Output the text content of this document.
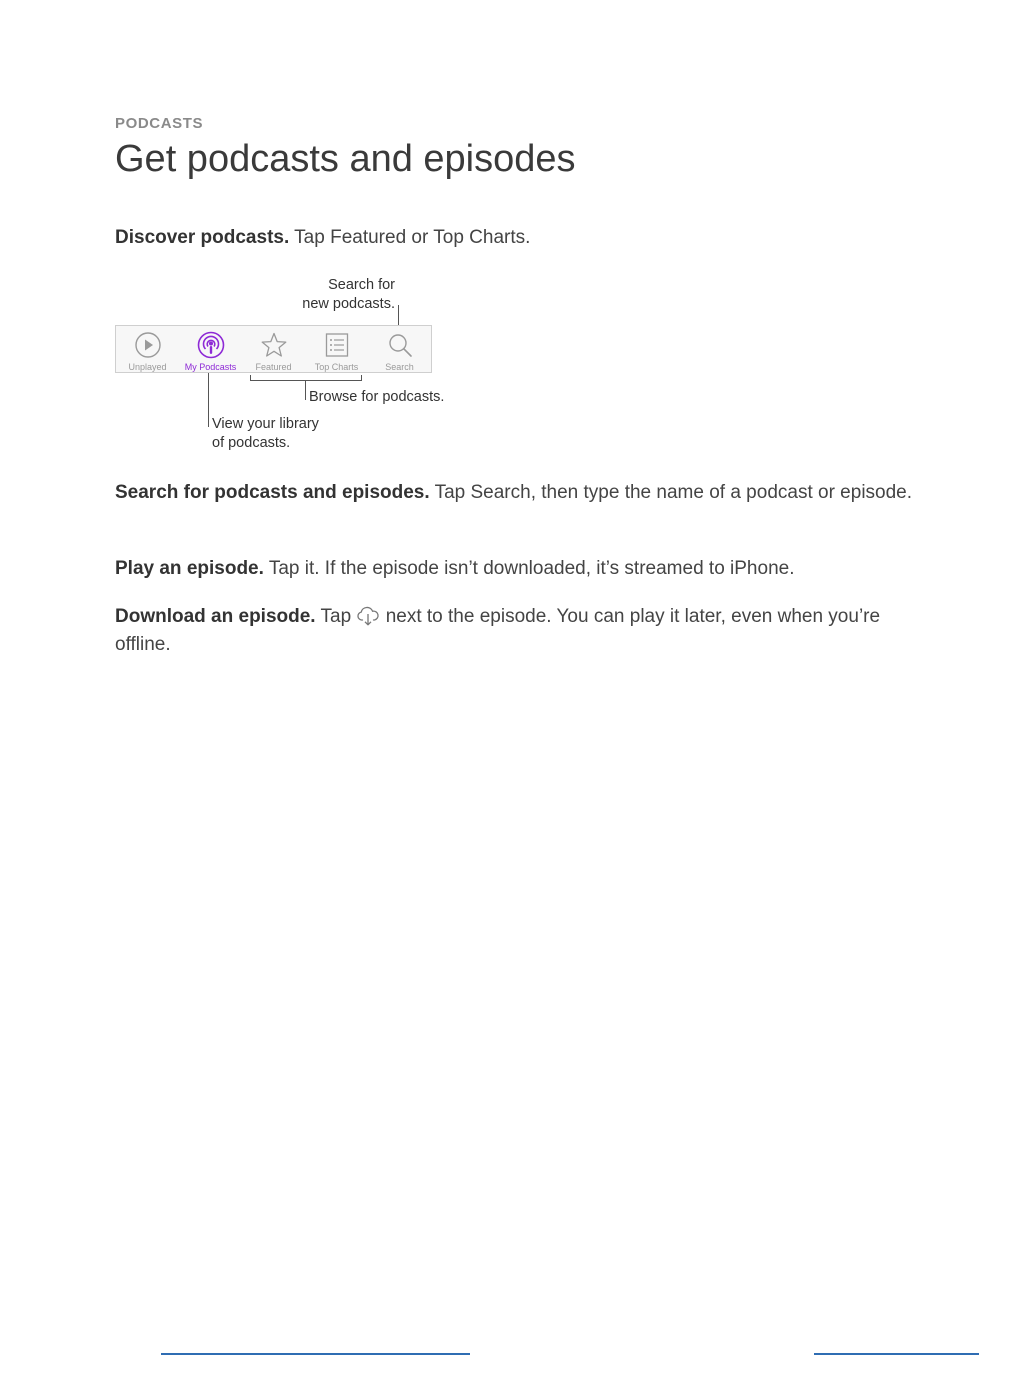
PODCASTS
Get podcasts and episodes

Discover podcasts. Tap Featured or Top Charts.

Search for
new podcasts.
Unplayed	My Podcasts	Featured	Top Charts	Search
Browse for podcasts.
View your library
of podcasts.

Search for podcasts and episodes. Tap Search, then type the name of a podcast or episode.

Play an episode. Tap it. If the episode isn’t downloaded, it’s streamed to iPhone.

Download an episode. Tap  next to the episode. You can play it later, even when you’re offline.
